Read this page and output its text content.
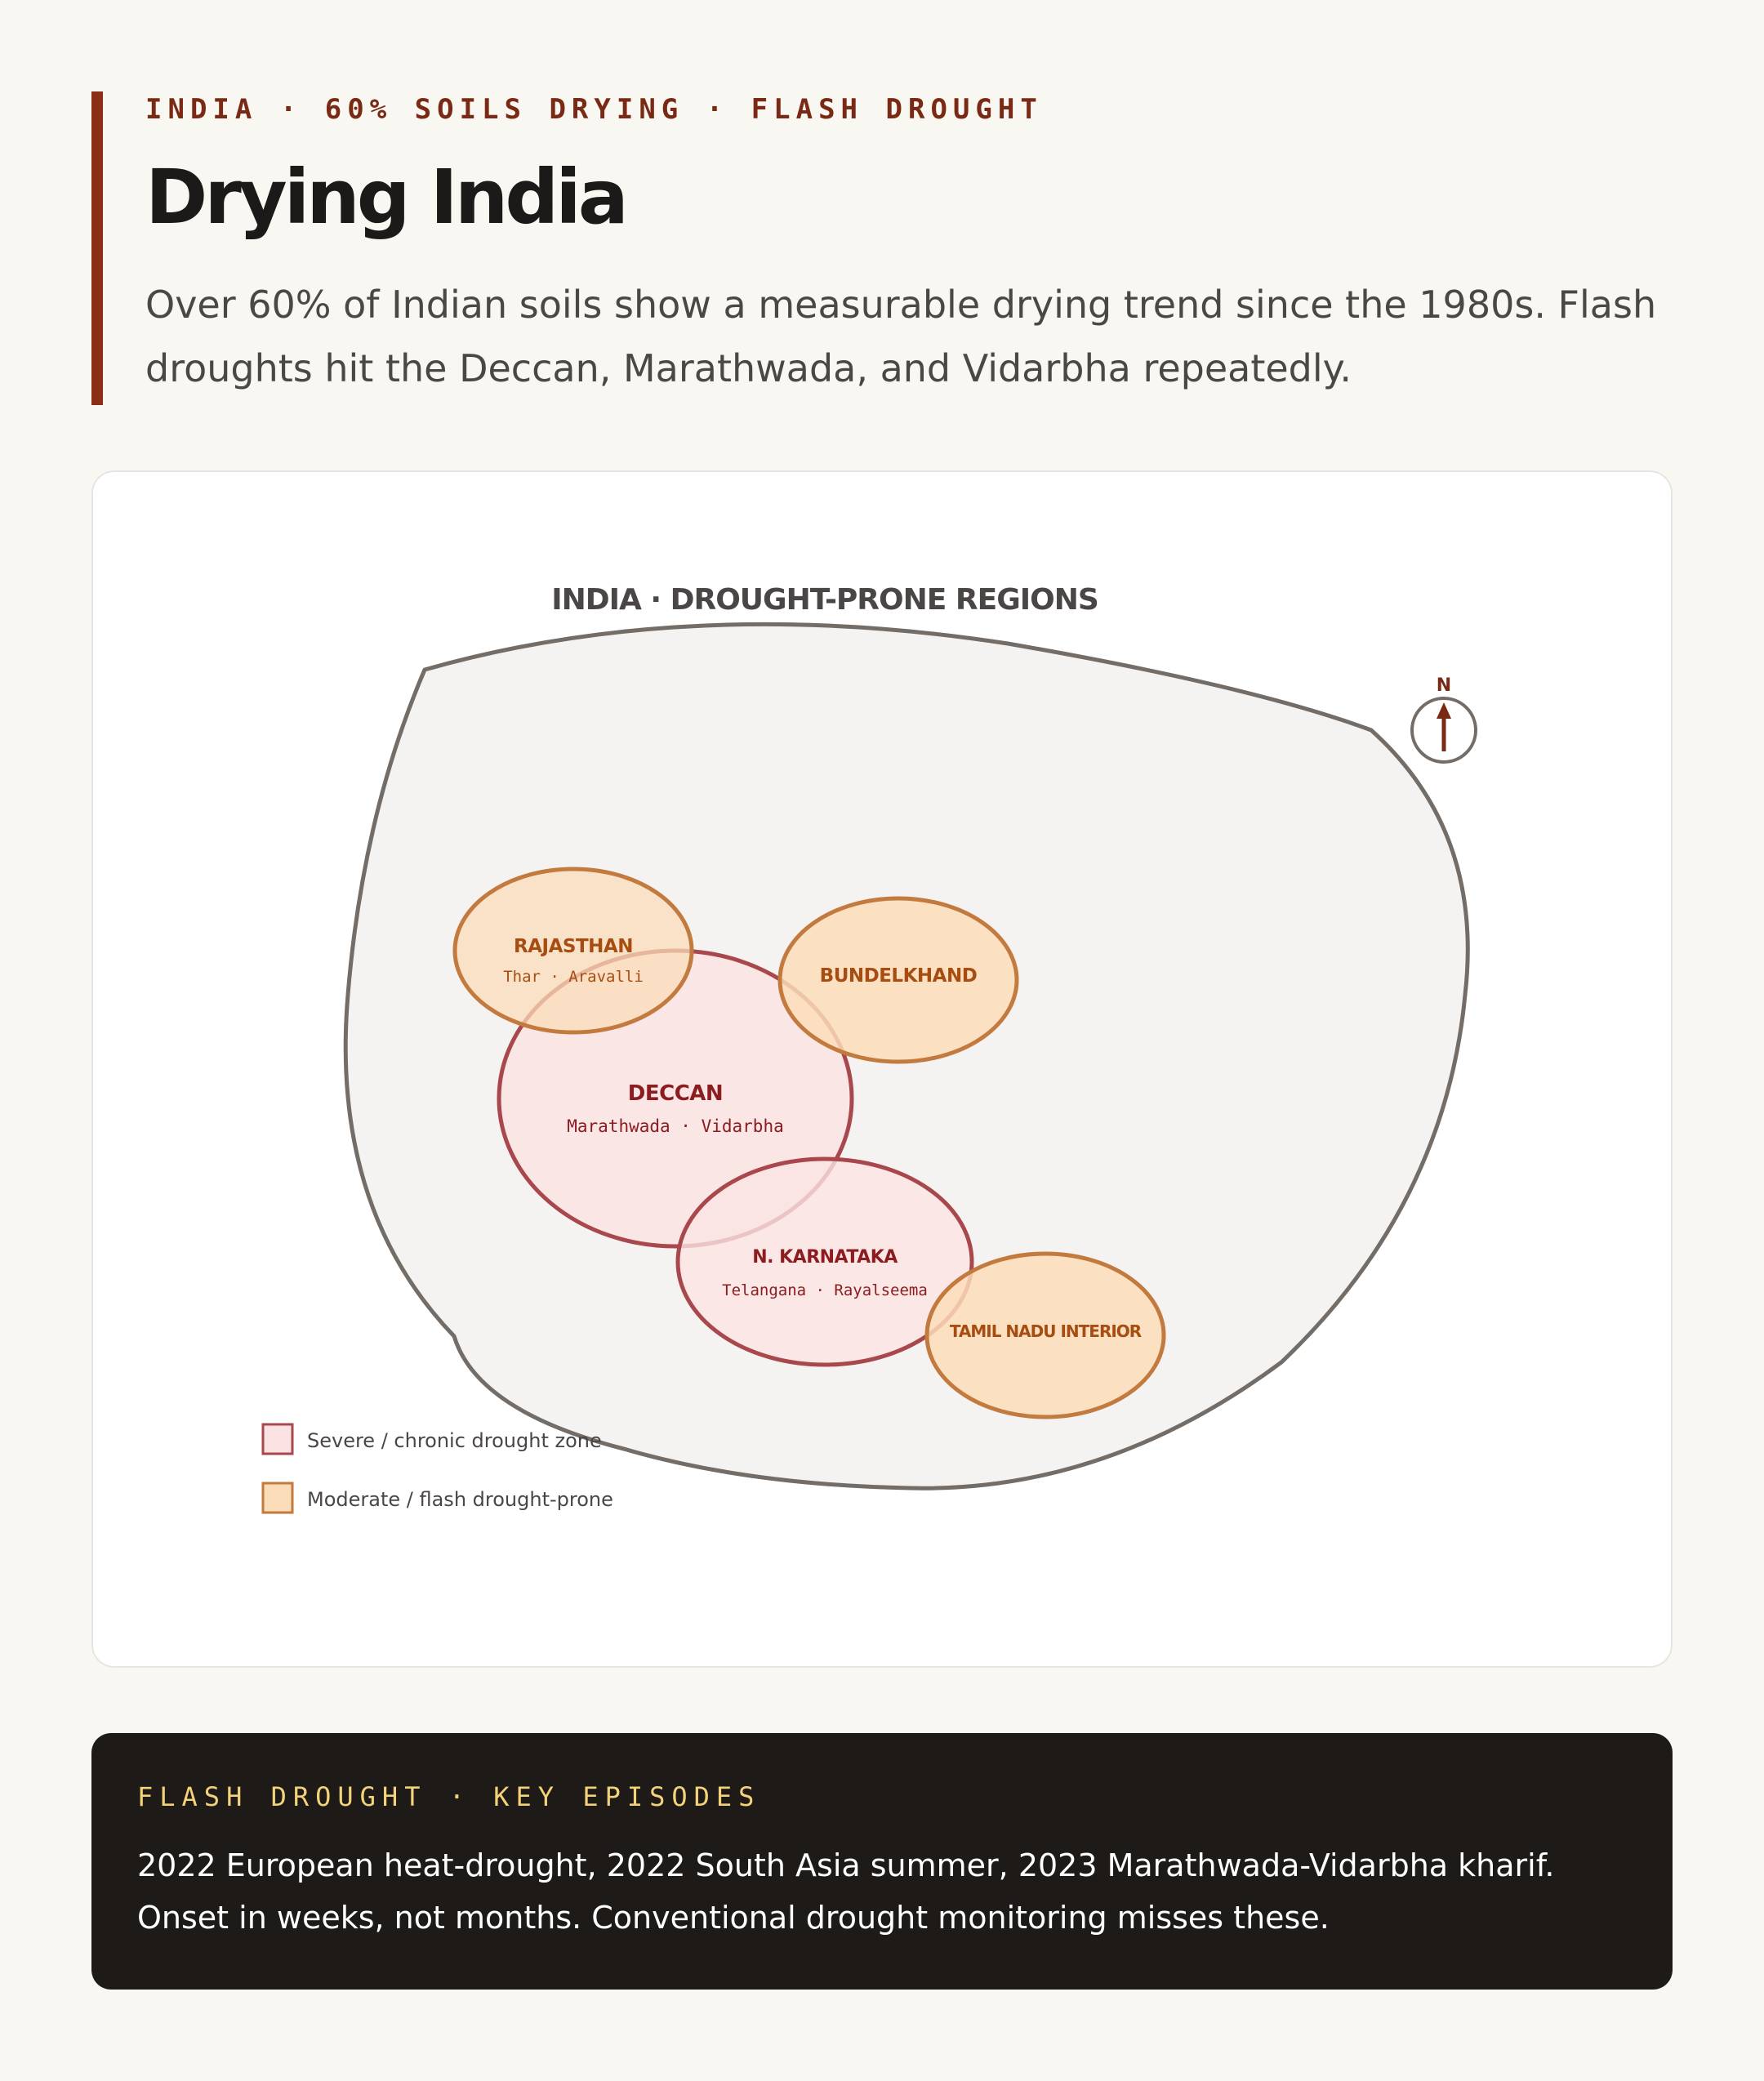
INDIA · 60% SOILS DRYING · FLASH DROUGHT
Drying India
Over 60% of Indian soils show a measurable drying trend since the 1980s. Flash droughts hit the Deccan, Marathwada, and Vidarbha repeatedly.
INDIA · DROUGHT-PRONE REGIONS
N
RAJASTHAN
Thar · Aravalli	BUNDELKHAND
DECCAN
Marathwada · Vidarbha
N. KARNATAKA
Telangana · Rayalseema
TAMIL NADU INTERIOR
Severe / chronic drought zone
Moderate / flash drought-prone
FLASH DROUGHT · KEY EPISODES
2022 European heat-drought, 2022 South Asia summer, 2023 Marathwada-Vidarbha kharif. Onset in weeks, not months. Conventional drought monitoring misses these.
